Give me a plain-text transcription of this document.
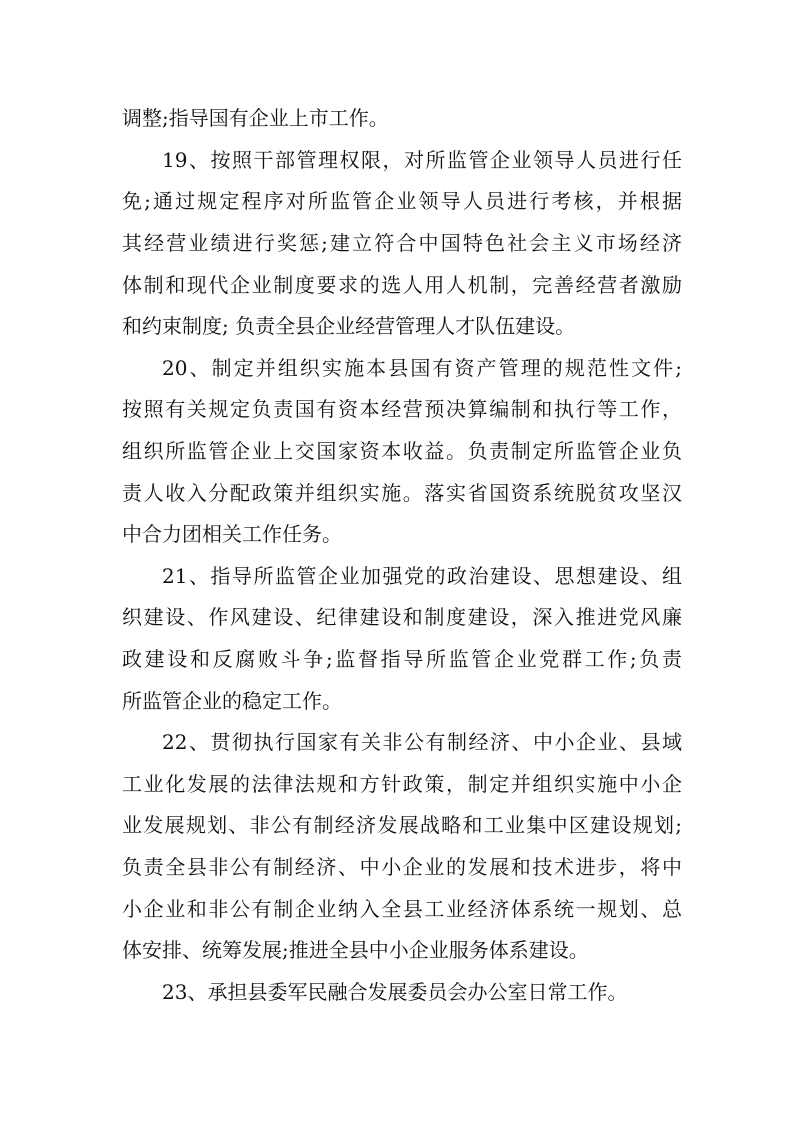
调整;指导国有企业上市工作。

19、按照干部管理权限，对所监管企业领导人员进行任

免;通过规定程序对所监管企业领导人员进行考核，并根据

其经营业绩进行奖惩;建立符合中国特色社会主义市场经济

体制和现代企业制度要求的选人用人机制，完善经营者激励

和约束制度; 负责全县企业经营管理人才队伍建设。

20、制定并组织实施本县国有资产管理的规范性文件;

按照有关规定负责国有资本经营预决算编制和执行等工作，

组织所监管企业上交国家资本收益。负责制定所监管企业负

责人收入分配政策并组织实施。落实省国资系统脱贫攻坚汉

中合力团相关工作任务。

21、指导所监管企业加强党的政治建设、思想建设、组

织建设、作风建设、纪律建设和制度建设，深入推进党风廉

政建设和反腐败斗争;监督指导所监管企业党群工作;负责

所监管企业的稳定工作。

22、贯彻执行国家有关非公有制经济、中小企业、县域

工业化发展的法律法规和方针政策，制定并组织实施中小企

业发展规划、非公有制经济发展战略和工业集中区建设规划;

负责全县非公有制经济、中小企业的发展和技术进步，将中

小企业和非公有制企业纳入全县工业经济体系统一规划、总

体安排、统筹发展;推进全县中小企业服务体系建设。

23、承担县委军民融合发展委员会办公室日常工作。
